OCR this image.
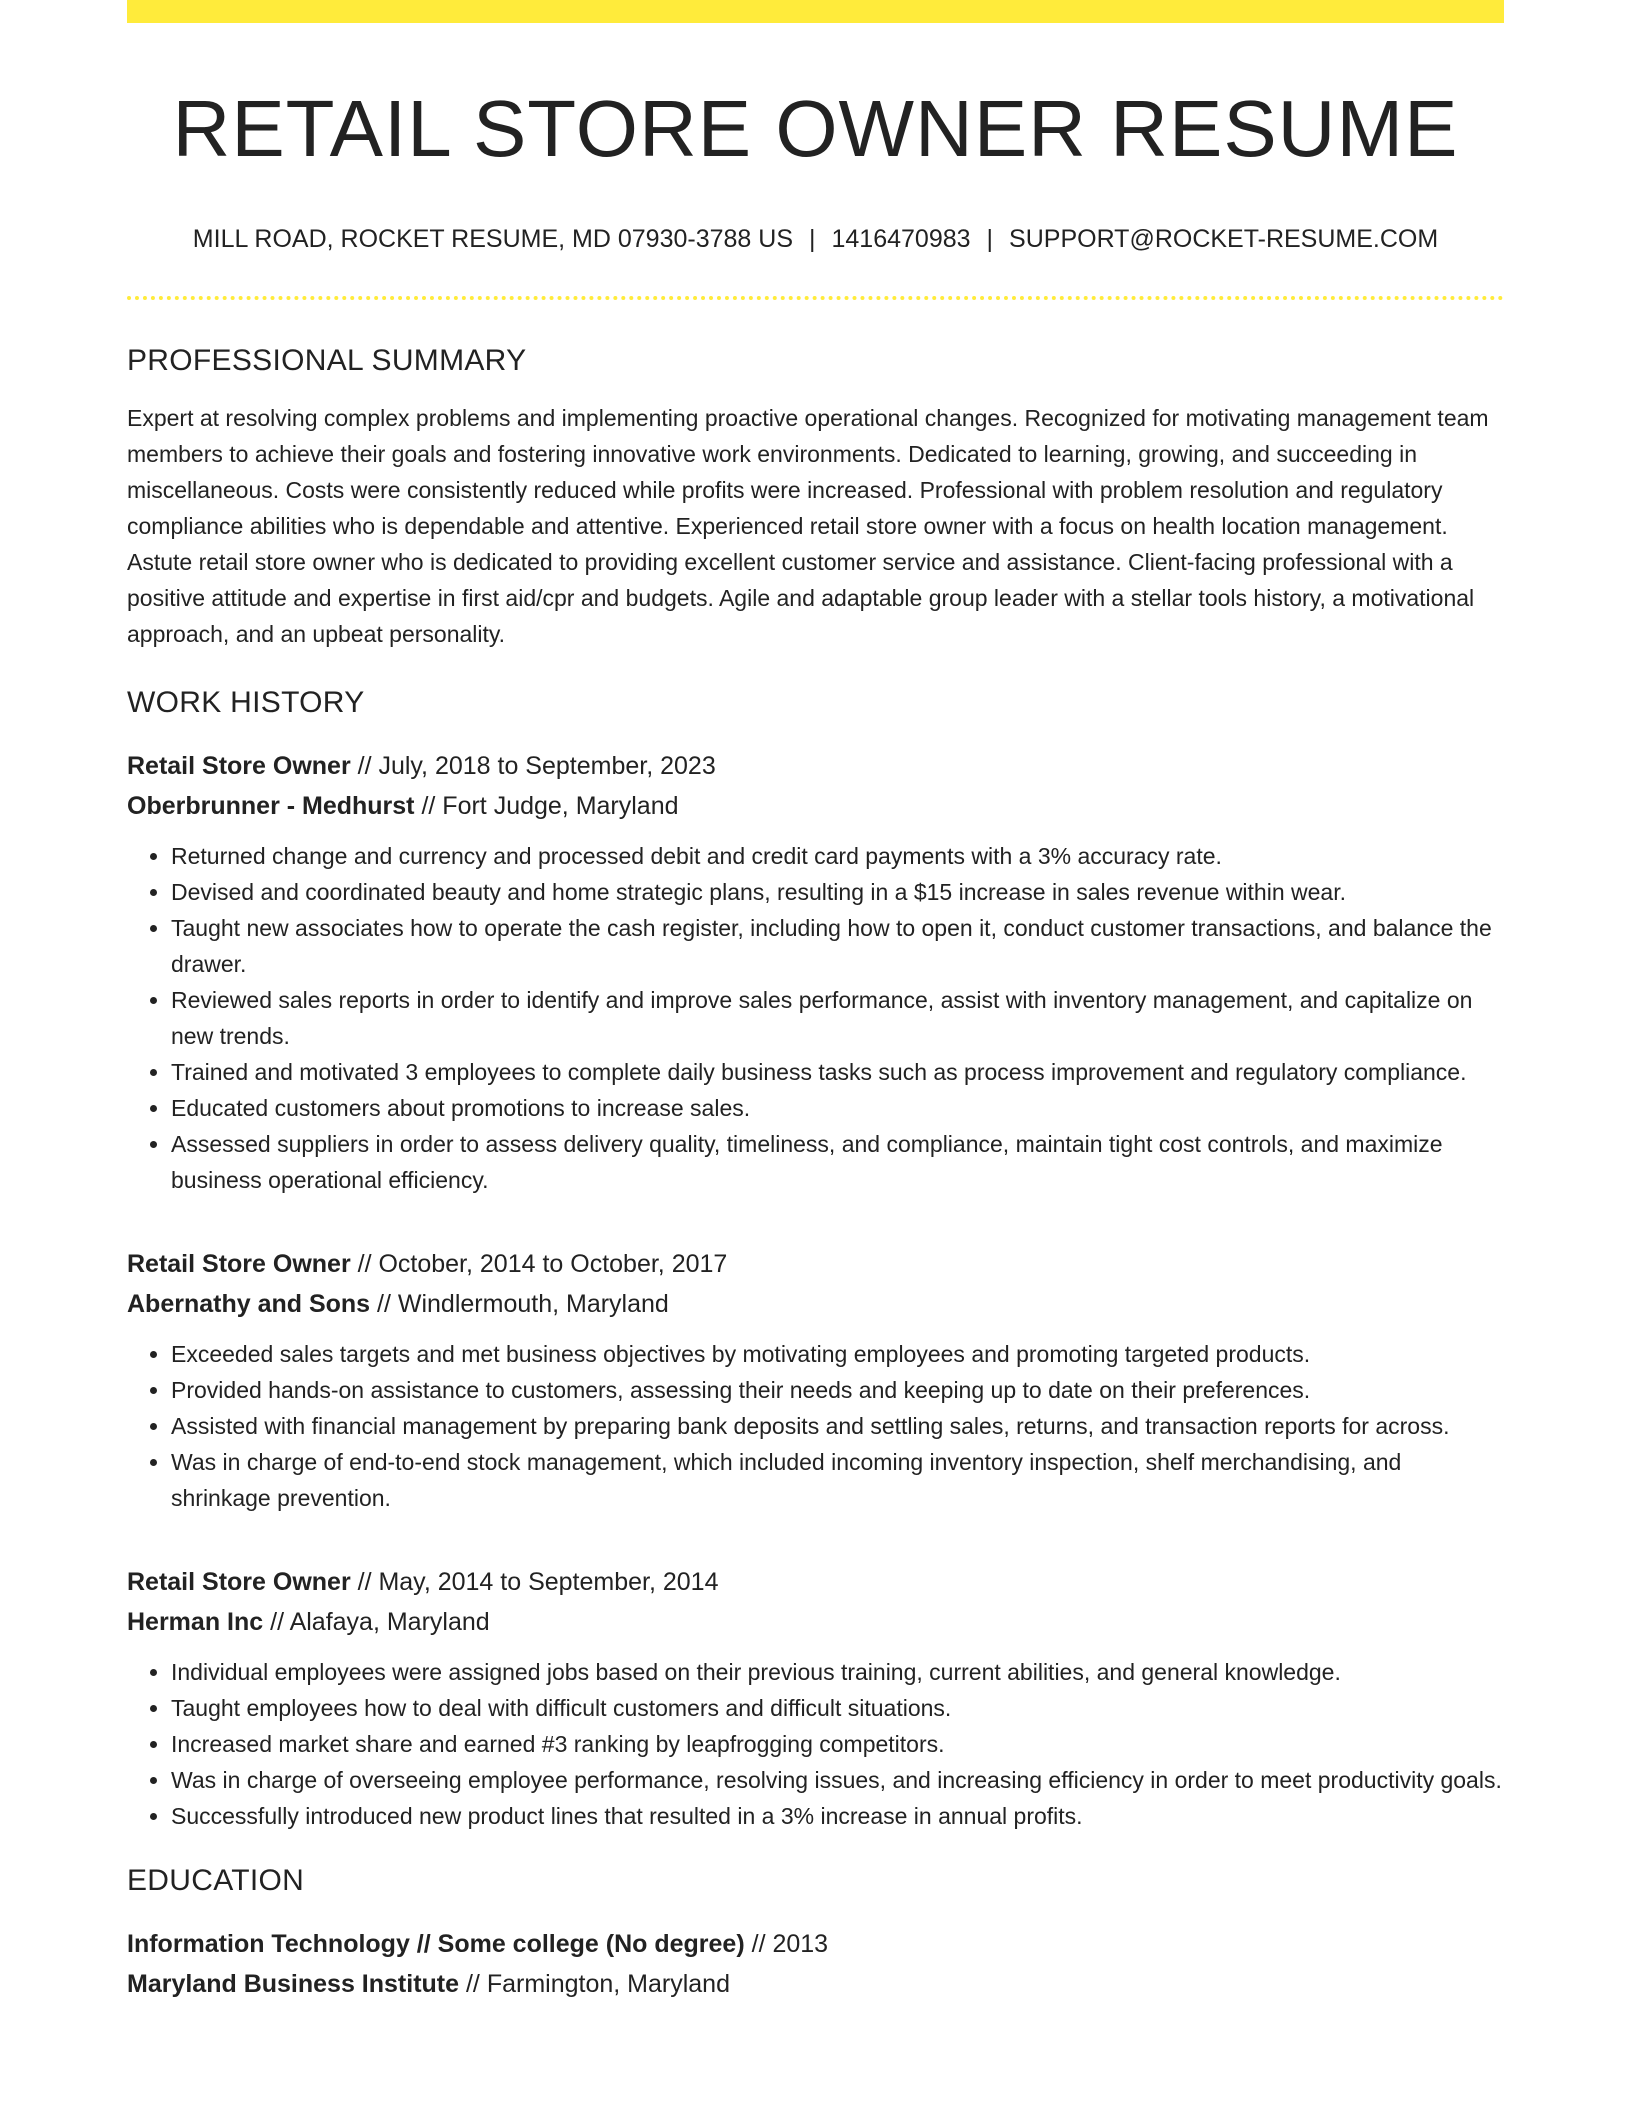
RETAIL STORE OWNER RESUME
MILL ROAD, ROCKET RESUME, MD 07930-3788 US | 1416470983 | SUPPORT@ROCKET-RESUME.COM
PROFESSIONAL SUMMARY

Expert at resolving complex problems and implementing proactive operational changes. Recognized for motivating management team members to achieve their goals and fostering innovative work environments. Dedicated to learning, growing, and succeeding in miscellaneous. Costs were consistently reduced while profits were increased. Professional with problem resolution and regulatory compliance abilities who is dependable and attentive. Experienced retail store owner with a focus on health location management. Astute retail store owner who is dedicated to providing excellent customer service and assistance. Client-facing professional with a positive attitude and expertise in first aid/cpr and budgets. Agile and adaptable group leader with a stellar tools history, a motivational approach, and an upbeat personality.

WORK HISTORY
Retail Store Owner // July, 2018 to September, 2023
Oberbrunner - Medhurst // Fort Judge, Maryland
• Returned change and currency and processed debit and credit card payments with a 3% accuracy rate.
• Devised and coordinated beauty and home strategic plans, resulting in a $15 increase in sales revenue within wear.
• Taught new associates how to operate the cash register, including how to open it, conduct customer transactions, and balance the drawer.
• Reviewed sales reports in order to identify and improve sales performance, assist with inventory management, and capitalize on new trends.
• Trained and motivated 3 employees to complete daily business tasks such as process improvement and regulatory compliance.
• Educated customers about promotions to increase sales.
• Assessed suppliers in order to assess delivery quality, timeliness, and compliance, maintain tight cost controls, and maximize business operational efficiency.
Retail Store Owner // October, 2014 to October, 2017
Abernathy and Sons // Windlermouth, Maryland
• Exceeded sales targets and met business objectives by motivating employees and promoting targeted products.
• Provided hands-on assistance to customers, assessing their needs and keeping up to date on their preferences.
• Assisted with financial management by preparing bank deposits and settling sales, returns, and transaction reports for across.
• Was in charge of end-to-end stock management, which included incoming inventory inspection, shelf merchandising, and shrinkage prevention.
Retail Store Owner // May, 2014 to September, 2014
Herman Inc // Alafaya, Maryland
• Individual employees were assigned jobs based on their previous training, current abilities, and general knowledge.
• Taught employees how to deal with difficult customers and difficult situations.
• Increased market share and earned #3 ranking by leapfrogging competitors.
• Was in charge of overseeing employee performance, resolving issues, and increasing efficiency in order to meet productivity goals.
• Successfully introduced new product lines that resulted in a 3% increase in annual profits.
EDUCATION
Information Technology // Some college (No degree) // 2013
Maryland Business Institute // Farmington, Maryland
